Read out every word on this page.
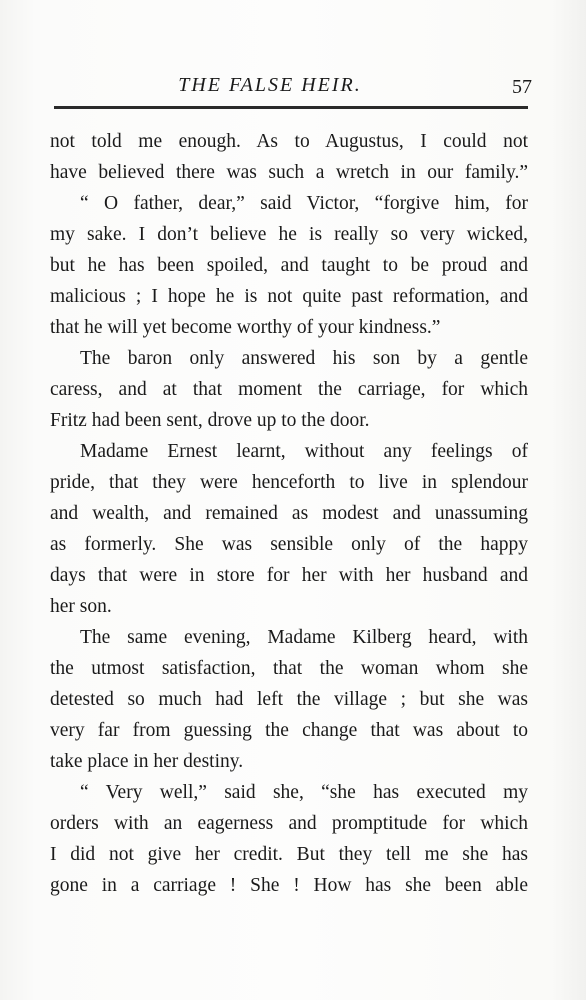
THE FALSE HEIR.	57
not told me enough. As to Augustus, I could not
have believed there was such a wretch in our family.”
“ O father, dear,” said Victor, “forgive him, for
my sake. I don’t believe he is really so very wicked,
but he has been spoiled, and taught to be proud and
malicious ; I hope he is not quite past reformation, and
that he will yet become worthy of your kindness.”
The baron only answered his son by a gentle
caress, and at that moment the carriage, for which
Fritz had been sent, drove up to the door.
Madame Ernest learnt, without any feelings of
pride, that they were henceforth to live in splendour
and wealth, and remained as modest and unassuming
as formerly. She was sensible only of the happy
days that were in store for her with her husband and
her son.
The same evening, Madame Kilberg heard, with
the utmost satisfaction, that the woman whom she
detested so much had left the village ; but she was
very far from guessing the change that was about to
take place in her destiny.
“ Very well,” said she, “she has executed my
orders with an eagerness and promptitude for which
I did not give her credit. But they tell me she has
gone in a carriage ! She ! How has she been able
